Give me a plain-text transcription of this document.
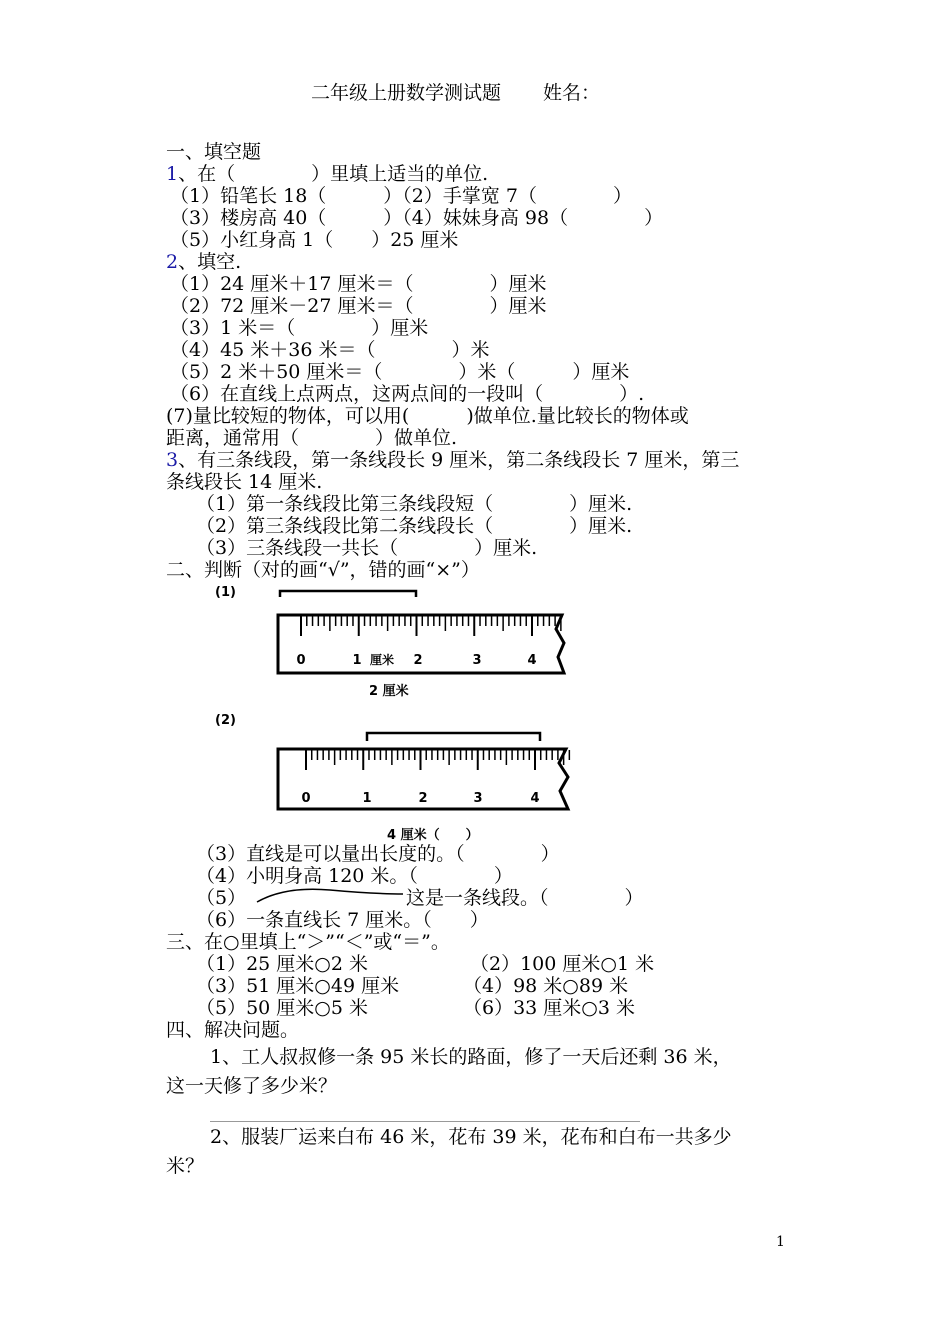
二年级上册数学测试题 姓名：
一、填空题
1、在（　　　　）里填上适当的单位.
（1）铅笔长 18（　　　）（2）手掌宽 7（　　　　）
（3）楼房高 40（　　　）（4）妹妹身高 98（　　　　）
（5）小红身高 1（　　）25 厘米
2、填空.
（1）24 厘米＋17 厘米＝（　　　　）厘米
（2）72 厘米－27 厘米＝（　　　　）厘米
（3）1 米＝（　　　　）厘米
（4）45 米＋36 米＝（　　　　）米
（5）2 米＋50 厘米＝（　　　　）米（　　　）厘米
（6）在直线上点两点，这两点间的一段叫（　　　　）.
(7)量比较短的物体，可以用(　　　)做单位.量比较长的物体或
距离，通常用（　　　　）做单位.
3、有三条线段，第一条线段长 9 厘米，第二条线段长 7 厘米，第三
条线段长 14 厘米.
（1）第一条线段比第三条线段短（　　　　）厘米.
（2）第三条线段比第二条线段长（　　　　）厘米.
（3）三条线段一共长（　　　　）厘米.
二、判断（对的画“√”，错的画“×”）
(1)
0	1 厘米 2	3	4
2 厘米
(2)
0	1	2	3	4
4 厘米（　　）
（3）直线是可以量出长度的。（　　　　）
（4）小明身高 120 米。（　　　　）
（5）	这是一条线段。（　　　　）
（6）一条直线长 7 厘米。（　　）
三、在○里填上“＞”“＜”或“＝”。
（1）25 厘米○2 米	（2）100 厘米○1 米
（3）51 厘米○49 厘米	（4）98 米○89 米
（5）50 厘米○5 米	（6）33 厘米○3 米
四、解决问题。
1、工人叔叔修一条 95 米长的路面，修了一天后还剩 36 米，
这一天修了多少米？
2、服装厂运来白布 46 米，花布 39 米，花布和白布一共多少
米？
1
